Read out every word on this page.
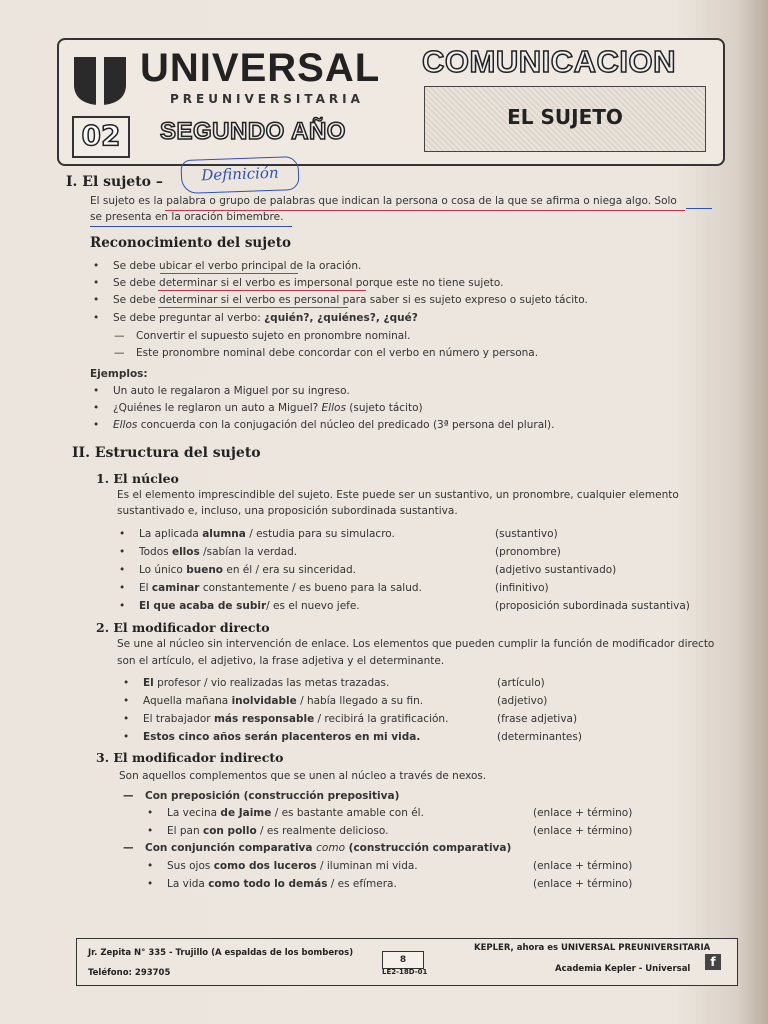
UNIVERSAL
PREUNIVERSITARIA
02	SEGUNDO AÑO
COMUNICACION
EL SUJETO
I. El sujeto –	Definición
El sujeto es la palabra o grupo de palabras que indican la persona o cosa de la que se afirma o niega algo. Solo
se presenta en la oración bimembre.
Reconocimiento del sujeto
• Se debe ubicar el verbo principal de la oración.
• Se debe determinar si el verbo es impersonal porque este no tiene sujeto.
• Se debe determinar si el verbo es personal para saber si es sujeto expreso o sujeto tácito.
• Se debe preguntar al verbo: ¿quién?, ¿quiénes?, ¿qué?
— Convertir el supuesto sujeto en pronombre nominal.
— Este pronombre nominal debe concordar con el verbo en número y persona.
Ejemplos:
• Un auto le regalaron a Miguel por su ingreso.
• ¿Quiénes le reglaron un auto a Miguel? Ellos (sujeto tácito)
• Ellos concuerda con la conjugación del núcleo del predicado (3ª persona del plural).
II. Estructura del sujeto
1. El núcleo
Es el elemento imprescindible del sujeto. Este puede ser un sustantivo, un pronombre, cualquier elemento
sustantivado e, incluso, una proposición subordinada sustantiva.
• La aplicada alumna / estudia para su simulacro.	(sustantivo)
• Todos ellos /sabían la verdad.	(pronombre)
• Lo único bueno en él / era su sinceridad.	(adjetivo sustantivado)
• El caminar constantemente / es bueno para la salud.	(infinitivo)
• El que acaba de subir/ es el nuevo jefe.	(proposición subordinada sustantiva)
2. El modificador directo
Se une al núcleo sin intervención de enlace. Los elementos que pueden cumplir la función de modificador directo
son el artículo, el adjetivo, la frase adjetiva y el determinante.
• El profesor / vio realizadas las metas trazadas.	(artículo)
• Aquella mañana inolvidable / había llegado a su fin.	(adjetivo)
• El trabajador más responsable / recibirá la gratificación.	(frase adjetiva)
• Estos cinco años serán placenteros en mi vida.	(determinantes)
3. El modificador indirecto
Son aquellos complementos que se unen al núcleo a través de nexos.
— Con preposición (construcción prepositiva)
• La vecina de Jaime / es bastante amable con él.	(enlace + término)
• El pan con pollo / es realmente delicioso.	(enlace + término)
— Con conjunción comparativa como (construcción comparativa)
• Sus ojos como dos luceros / iluminan mi vida.	(enlace + término)
• La vida como todo lo demás / es efímera.	(enlace + término)
Jr. Zepita N° 335 - Trujillo (A espaldas de los bomberos)
Teléfono: 293705
8
LE2-18D-01
KEPLER, ahora es UNIVERSAL PREUNIVERSITARIA
Academia Kepler - Universal	f
